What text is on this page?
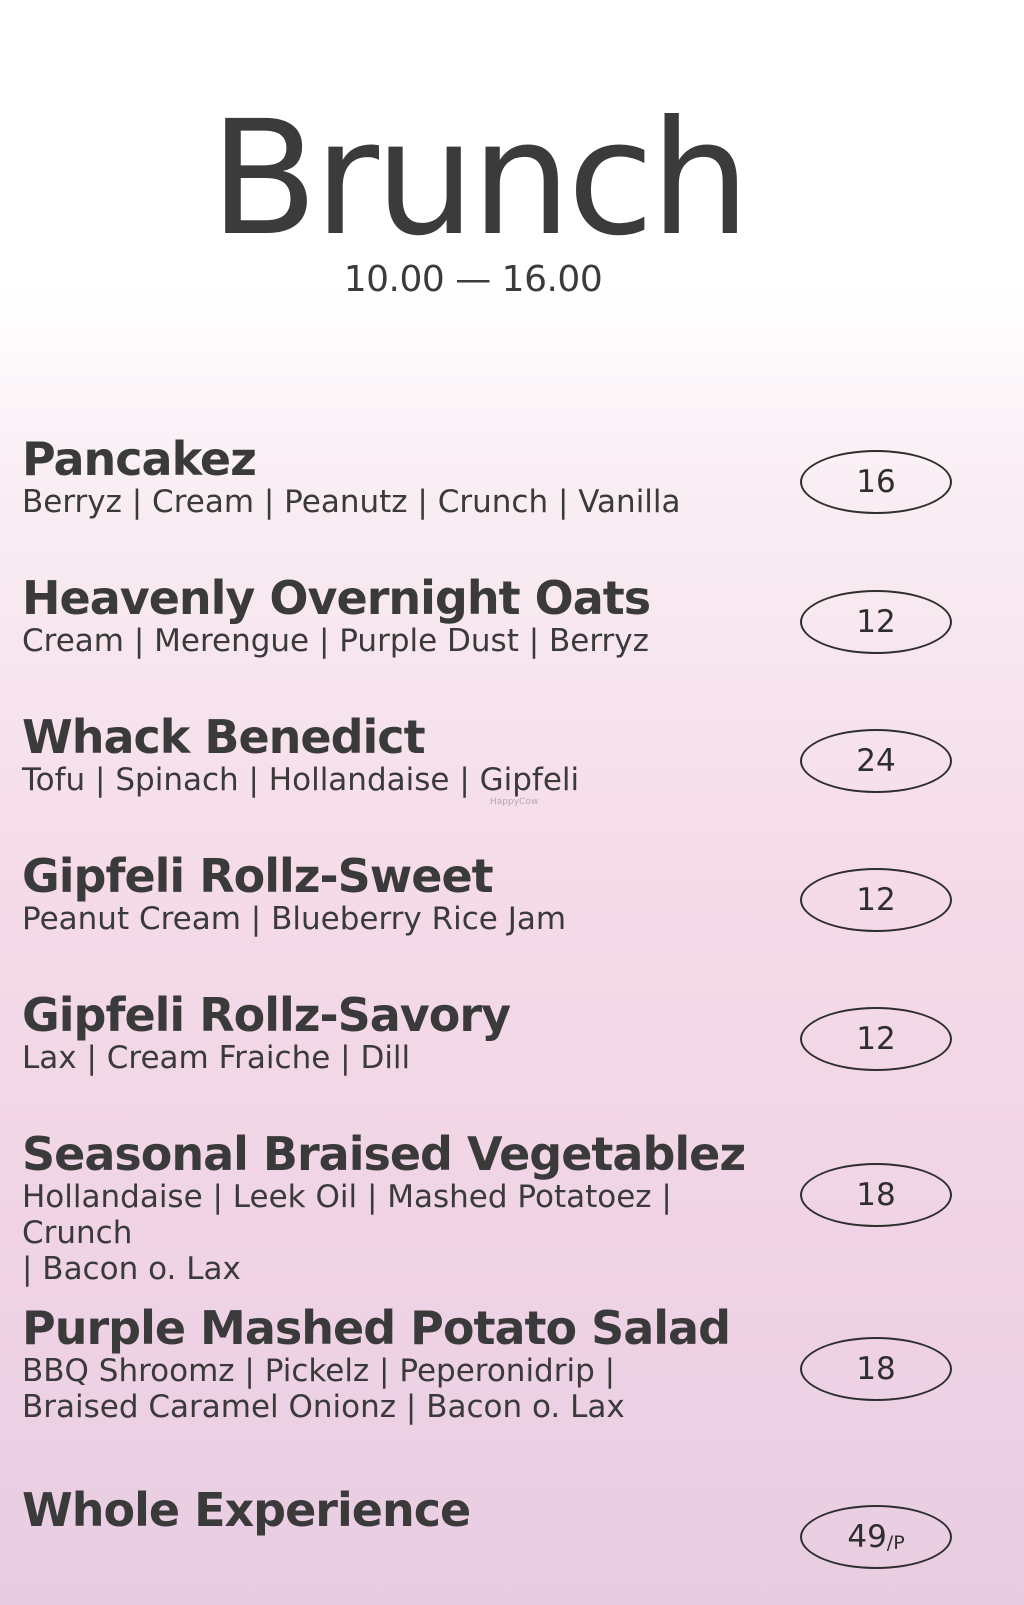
Brunch
10.00 — 16.00
Pancakez
Berryz | Cream | Peanutz | Crunch | Vanilla
16
Heavenly Overnight Oats
Cream | Merengue | Purple Dust | Berryz
12
Whack Benedict
Tofu | Spinach | Hollandaise | Gipfeli
24
Gipfeli Rollz-Sweet
Peanut Cream | Blueberry Rice Jam
12
Gipfeli Rollz-Savory
Lax | Cream Fraiche | Dill
12
Seasonal Braised Vegetablez
Hollandaise | Leek Oil | Mashed Potatoez | Crunch
| Bacon o. Lax
18
Purple Mashed Potato Salad
BBQ Shroomz | Pickelz | Peperonidrip |
Braised Caramel Onionz | Bacon o. Lax
18
Whole Experience	49 /P
HappyCow
